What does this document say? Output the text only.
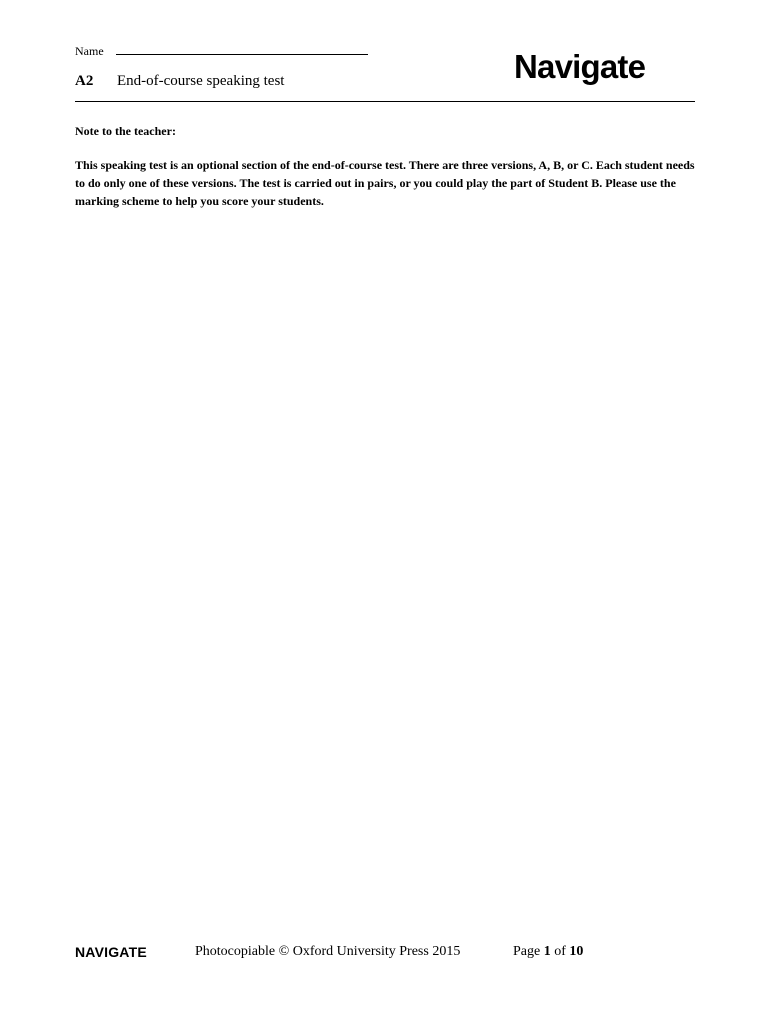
Name
A2	End-of-course speaking test	Navigate
Note to the teacher:
This speaking test is an optional section of the end-of-course test. There are three versions, A, B, or C. Each student needs to do only one of these versions. The test is carried out in pairs, or you could play the part of Student B. Please use the marking scheme to help you score your students.
NAVIGATE	Photocopiable © Oxford University Press 2015	Page 1 of 10
